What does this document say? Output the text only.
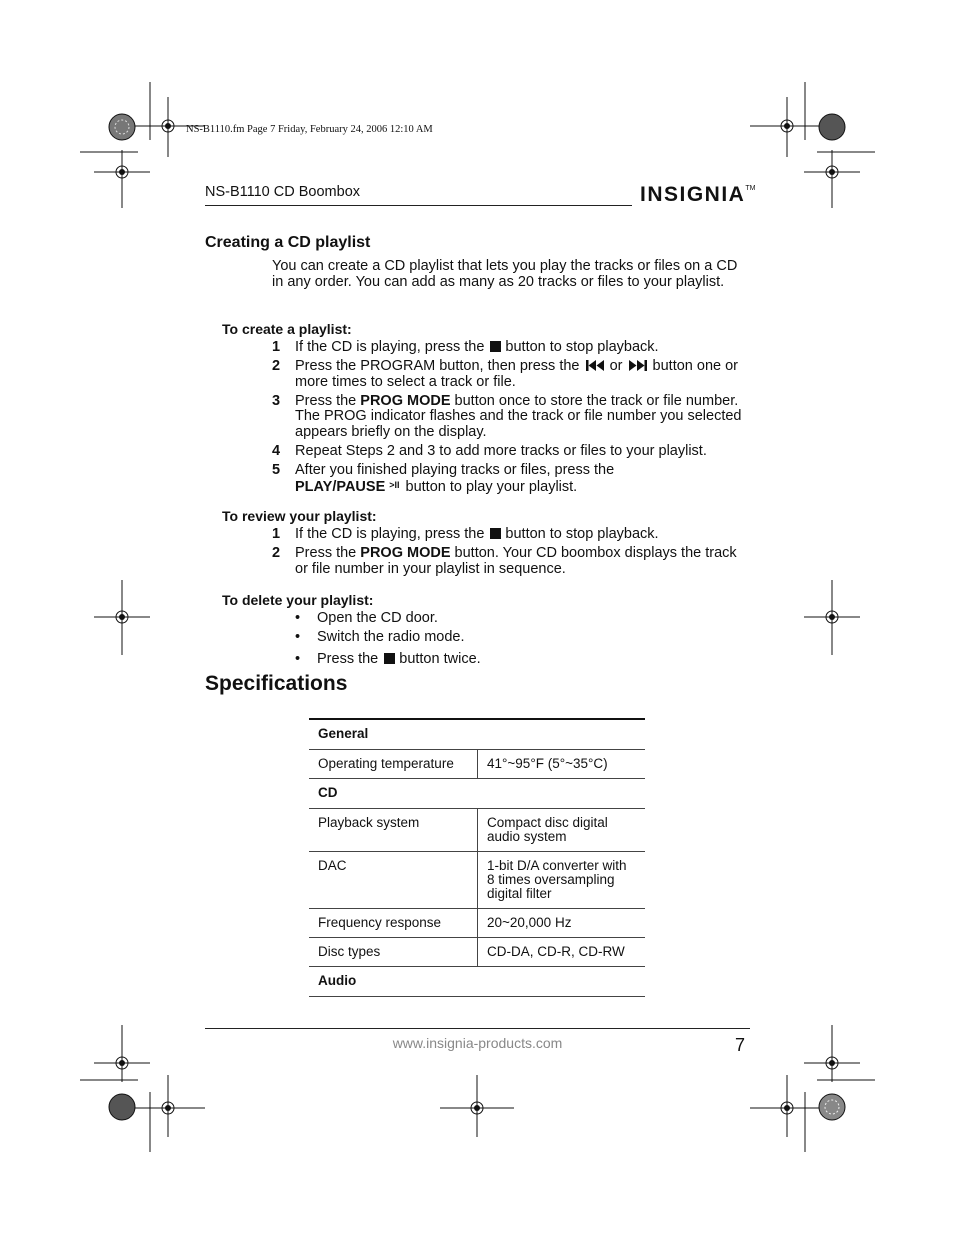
NS-B1110.fm Page 7 Friday, February 24, 2006 12:10 AM
NS-B1110 CD Boombox	INSIGNIA™
Creating a CD playlist
You can create a CD playlist that lets you play the tracks or files on a CD in any order. You can add as many as 20 tracks or files to your playlist.
To create a playlist:
1 If the CD is playing, press the button to stop playback.
2 Press the PROGRAM button, then press the or button one or more times to select a track or file.
3 Press the PROG MODE button once to store the track or file number. The PROG indicator flashes and the track or file number you selected appears briefly on the display.
4 Repeat Steps 2 and 3 to add more tracks or files to your playlist.
5 After you finished playing tracks or files, press the PLAY/PAUSE $^{>II}$ button to play your playlist.
To review your playlist:
1 If the CD is playing, press the button to stop playback.
2 Press the PROG MODE button. Your CD boombox displays the track or file number in your playlist in sequence.
To delete your playlist:
• Open the CD door.
• Switch the radio mode.
• Press the button twice.
Specifications
General	
Operating temperature	41°~95°F (5°~35°C)
CD	
Playback system	Compact disc digital audio system
DAC	1-bit D/A converter with 8 times oversampling digital filter
Frequency response	20~20,000 Hz
Disc types	CD-DA, CD-R, CD-RW
Audio	
www.insignia-products.com	7
